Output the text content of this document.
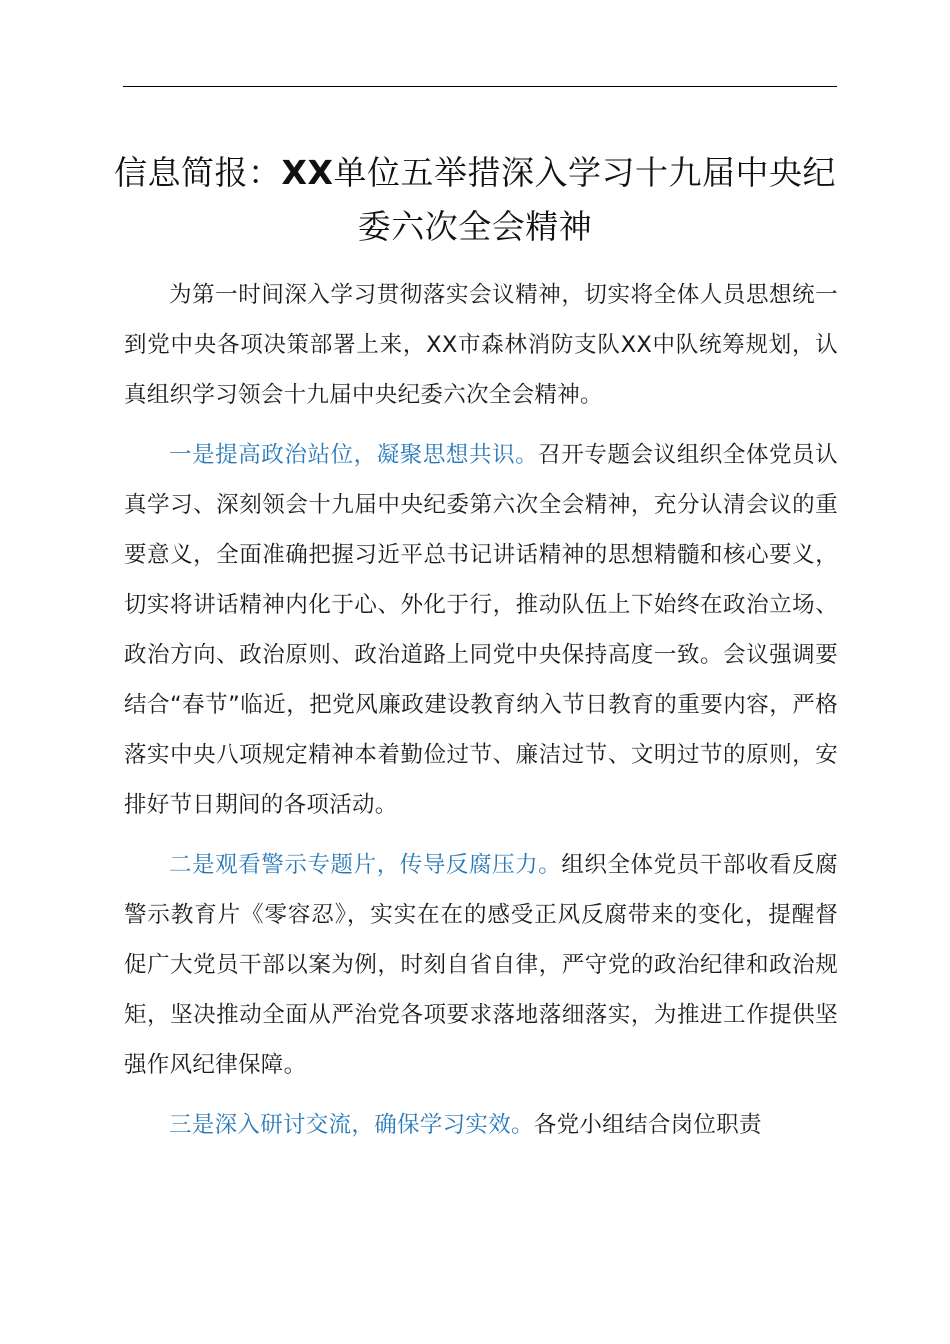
信息简报：XX单位五举措深入学习十九届中央纪委六次全会精神

为第一时间深入学习贯彻落实会议精神，切实将全体人员思想统一到党中央各项决策部署上来，XX市森林消防支队XX中队统筹规划，认真组织学习领会十九届中央纪委六次全会精神。

一是提高政治站位，凝聚思想共识。召开专题会议组织全体党员认真学习、深刻领会十九届中央纪委第六次全会精神，充分认清会议的重要意义，全面准确把握习近平总书记讲话精神的思想精髓和核心要义，切实将讲话精神内化于心、外化于行，推动队伍上下始终在政治立场、政治方向、政治原则、政治道路上同党中央保持高度一致。会议强调要结合“春节”临近，把党风廉政建设教育纳入节日教育的重要内容，严格落实中央八项规定精神本着勤俭过节、廉洁过节、文明过节的原则，安排好节日期间的各项活动。

二是观看警示专题片，传导反腐压力。组织全体党员干部收看反腐警示教育片《零容忍》，实实在在的感受正风反腐带来的变化，提醒督促广大党员干部以案为例，时刻自省自律，严守党的政治纪律和政治规矩，坚决推动全面从严治党各项要求落地落细落实，为推进工作提供坚强作风纪律保障。

三是深入研讨交流，确保学习实效。各党小组结合岗位职责
